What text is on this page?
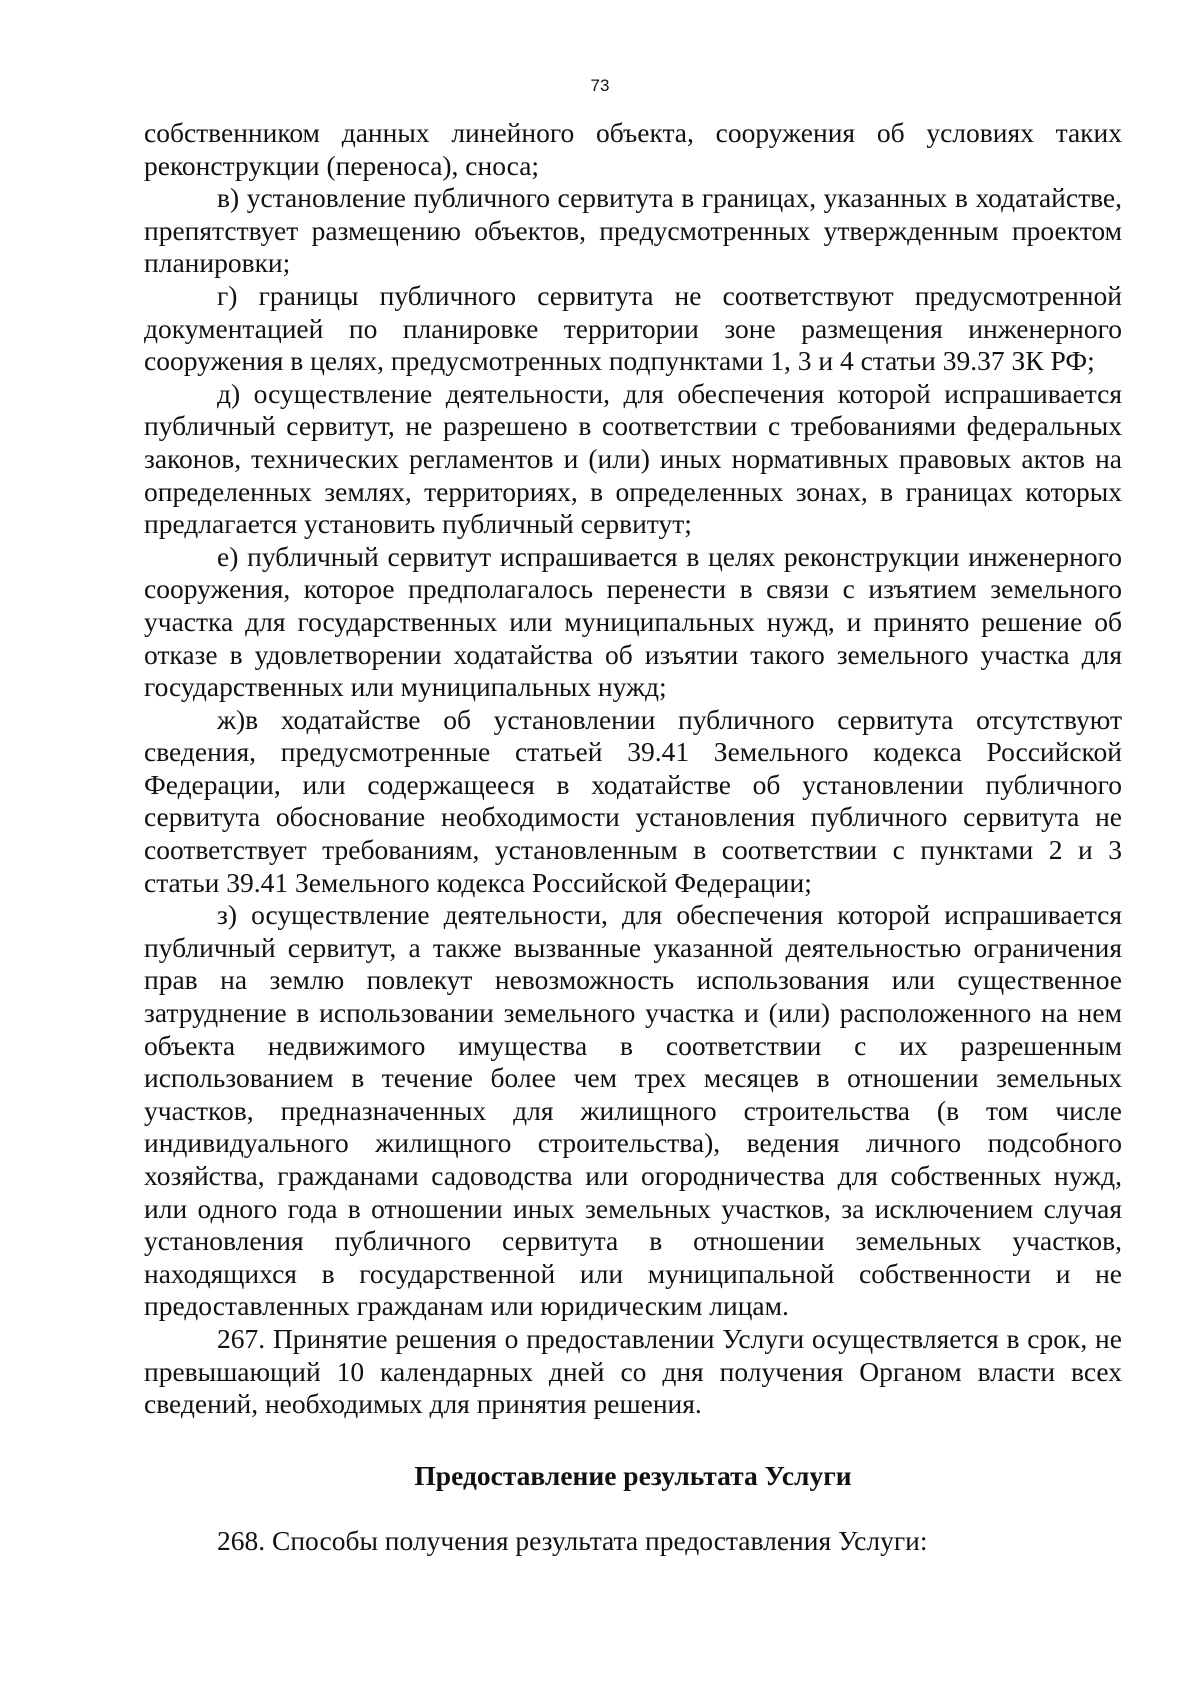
73

собственником данных линейного объекта, сооружения об условиях таких реконструкции (переноса), сноса;

в) установление публичного сервитута в границах, указанных в ходатайстве, препятствует размещению объектов, предусмотренных утвержденным проектом планировки;

г) границы публичного сервитута не соответствуют предусмотренной документацией по планировке территории зоне размещения инженерного сооружения в целях, предусмотренных подпунктами 1, 3 и 4 статьи 39.37 ЗК РФ;

д) осуществление деятельности, для обеспечения которой испрашивается публичный сервитут, не разрешено в соответствии с требованиями федеральных законов, технических регламентов и (или) иных нормативных правовых актов на определенных землях, территориях, в определенных зонах, в границах которых предлагается установить публичный сервитут;

е) публичный сервитут испрашивается в целях реконструкции инженерного сооружения, которое предполагалось перенести в связи с изъятием земельного участка для государственных или муниципальных нужд, и принято решение об отказе в удовлетворении ходатайства об изъятии такого земельного участка для государственных или муниципальных нужд;

ж)в ходатайстве об установлении публичного сервитута отсутствуют сведения, предусмотренные статьей 39.41 Земельного кодекса Российской Федерации, или содержащееся в ходатайстве об установлении публичного сервитута обоснование необходимости установления публичного сервитута не соответствует требованиям, установленным в соответствии с пунктами 2 и 3 статьи 39.41 Земельного кодекса Российской Федерации;

з) осуществление деятельности, для обеспечения которой испрашивается публичный сервитут, а также вызванные указанной деятельностью ограничения прав на землю повлекут невозможность использования или существенное затруднение в использовании земельного участка и (или) расположенного на нем объекта недвижимого имущества в соответствии с их разрешенным использованием в течение более чем трех месяцев в отношении земельных участков, предназначенных для жилищного строительства (в том числе индивидуального жилищного строительства), ведения личного подсобного хозяйства, гражданами садоводства или огородничества для собственных нужд, или одного года в отношении иных земельных участков, за исключением случая установления публичного сервитута в отношении земельных участков, находящихся в государственной или муниципальной собственности и не предоставленных гражданам или юридическим лицам.

267. Принятие решения о предоставлении Услуги осуществляется в срок, не превышающий 10 календарных дней со дня получения Органом власти всех сведений, необходимых для принятия решения.

Предоставление результата Услуги

268. Способы получения результата предоставления Услуги:
